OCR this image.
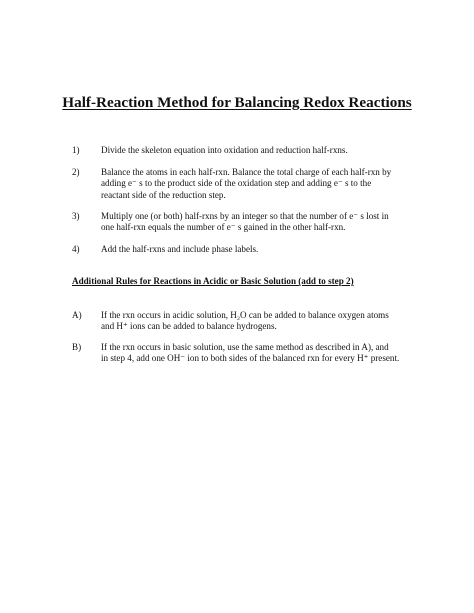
Half-Reaction Method for Balancing Redox Reactions
1) Divide the skeleton equation into oxidation and reduction half-rxns.
2) Balance the atoms in each half-rxn. Balance the total charge of each half-rxn by
adding e⁻ s to the product side of the oxidation step and adding e⁻ s to the
reactant side of the reduction step.
3) Multiply one (or both) half-rxns by an integer so that the number of e⁻ s lost in
one half-rxn equals the number of e⁻ s gained in the other half-rxn.
4) Add the half-rxns and include phase labels.
Additional Rules for Reactions in Acidic or Basic Solution (add to step 2)
A) If the rxn occurs in acidic solution, H₂O can be added to balance oxygen atoms
and H⁺ ions can be added to balance hydrogens.
B) If the rxn occurs in basic solution, use the same method as described in A), and
in step 4, add one OH⁻ ion to both sides of the balanced rxn for every H⁺ present.
